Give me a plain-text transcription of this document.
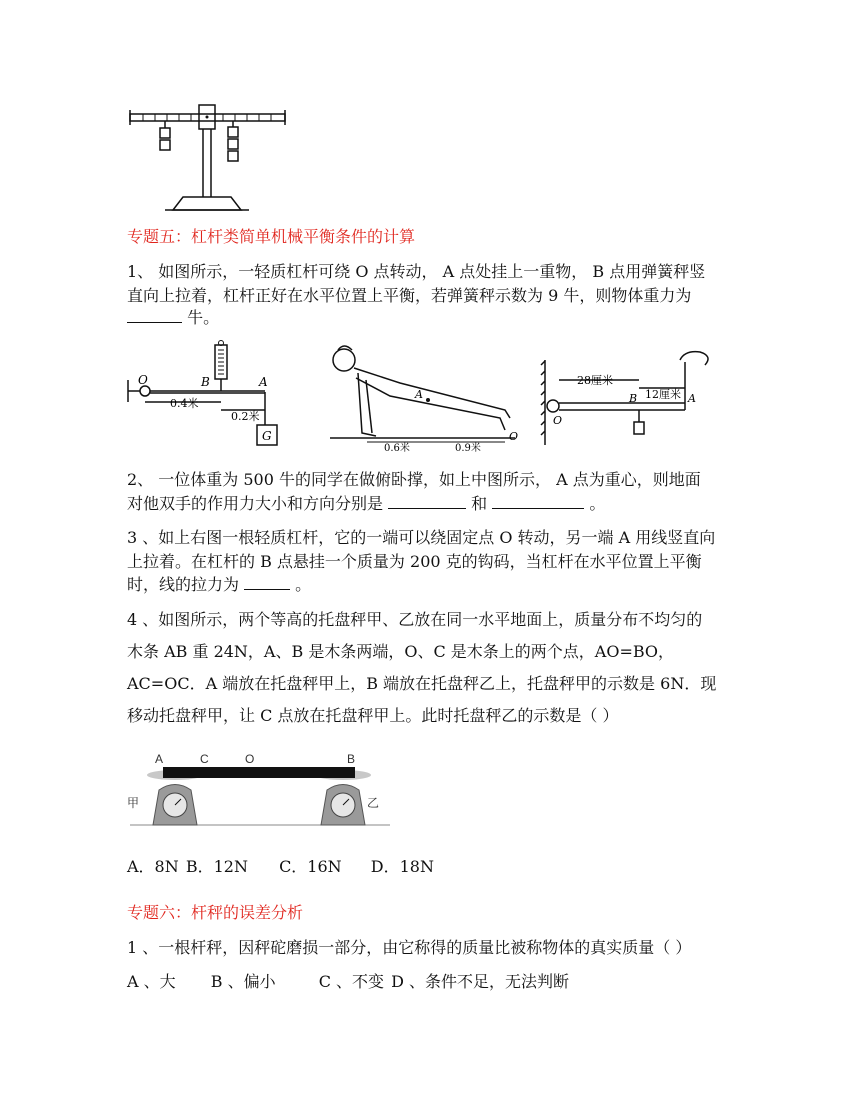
专题五：杠杆类简单机械平衡条件的计算
1、 如图所示，一轻质杠杆可绕 O 点转动， A 点处挂上一重物， B 点用弹簧秤竖
直向上拉着，杠杆正好在水平位置上平衡，若弹簧秤示数为 9 牛，则物体重力为
牛。
O	B	A
0.4米
0.2米
G
A
0.6米	0.9米
O
28厘米
12厘米
B	A
O
2、 一位体重为 500 牛的同学在做俯卧撑，如上中图所示， A 点为重心，则地面
对他双手的作用力大小和方向分别是	和	。
3 、如上右图一根轻质杠杆，它的一端可以绕固定点 O 转动，另一端 A 用线竖直向
上拉着。在杠杆的 B 点悬挂一个质量为 200 克的钩码，当杠杆在水平位置上平衡
时，线的拉力为	。
4 、如图所示，两个等高的托盘秤甲、乙放在同一水平地面上，质量分布不均匀的
木条 AB 重 24N，A、B 是木条两端，O、C 是木条上的两个点，AO=BO，
AC=OC．A 端放在托盘秤甲上，B 端放在托盘秤乙上，托盘秤甲的示数是 6N．现
移动托盘秤甲，让 C 点放在托盘秤甲上。此时托盘秤乙的示数是（ ）
A	C	O	B
甲	乙
A．8N B．12N C．16N D．18N
专题六：杆秤的误差分析
1 、一根杆秤，因秤砣磨损一部分，由它称得的质量比被称物体的真实质量（ ）
A 、大 B 、偏小	C 、不变 D 、条件不足，无法判断
